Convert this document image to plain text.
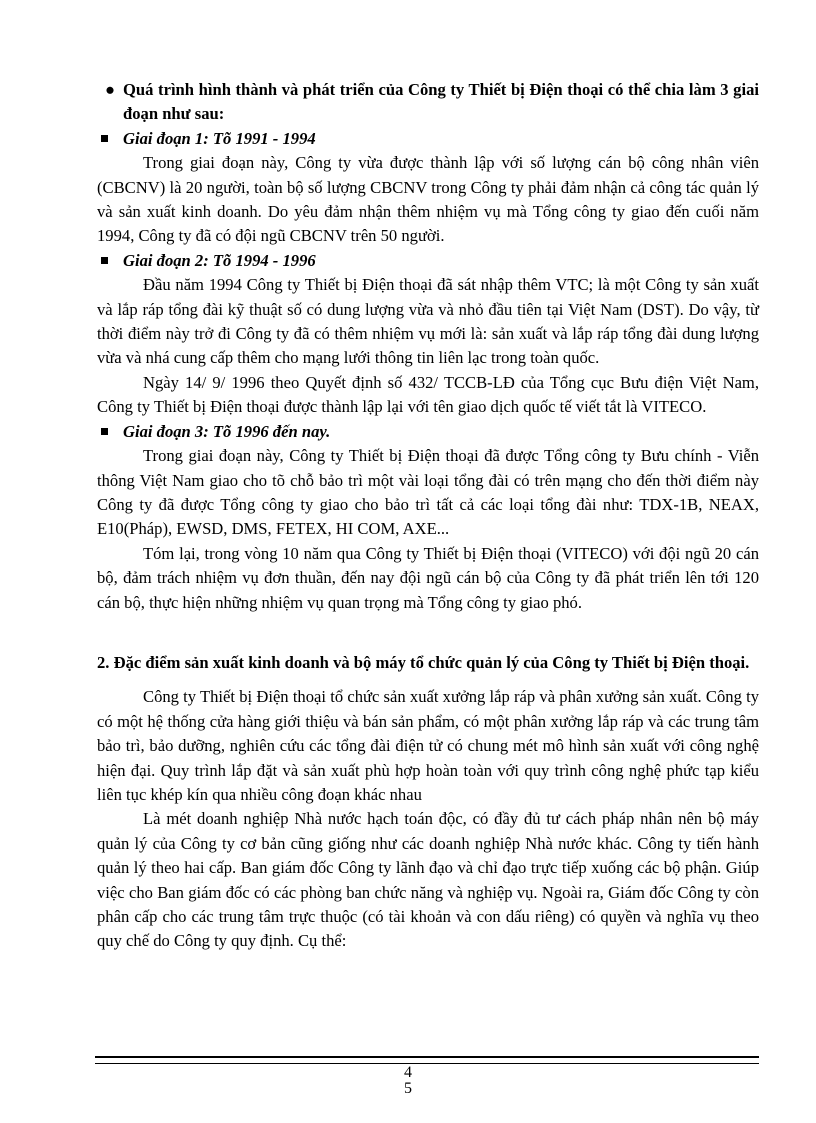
● Quá trình hình thành và phát triển của Công ty Thiết bị Điện thoại có thể chia làm 3 giai đoạn như sau:

Giai đoạn 1: Tõ 1991 - 1994

Trong giai đoạn này, Công ty vừa được thành lập với số lượng cán bộ công nhân viên (CBCNV) là 20 người, toàn bộ số lượng CBCNV trong Công ty phải đảm nhận cả công tác quản lý và sản xuất kinh doanh. Do yêu đảm nhận thêm nhiệm vụ mà Tổng công ty giao đến cuối năm 1994, Công ty đã có đội ngũ CBCNV trên 50 người.

Giai đoạn 2: Tõ 1994 - 1996

Đầu năm 1994 Công ty Thiết bị Điện thoại đã sát nhập thêm VTC; là một Công ty sản xuất và lắp ráp tổng đài kỹ thuật số có dung lượng vừa và nhỏ đầu tiên tại Việt Nam (DST). Do vậy, từ thời điểm này trở đi Công ty đã có thêm nhiệm vụ mới là: sản xuất và lắp ráp tổng đài dung lượng vừa và nhá cung cấp thêm cho mạng lưới thông tin liên lạc trong toàn quốc.

Ngày 14/ 9/ 1996 theo Quyết định số 432/ TCCB-LĐ của Tổng cục Bưu điện Việt Nam, Công ty Thiết bị Điện thoại được thành lập lại với tên giao dịch quốc tế viết tắt là VITECO.

Giai đoạn 3: Tõ 1996 đến nay.

Trong giai đoạn này, Công ty Thiết bị Điện thoại đã được Tổng công ty Bưu chính - Viễn thông Việt Nam giao cho tõ chỗ bảo trì một vài loại tổng đài có trên mạng cho đến thời điểm này Công ty đã được Tổng công ty giao cho bảo trì tất cả các loại tổng đài như: TDX-1B, NEAX, E10(Pháp), EWSD, DMS, FETEX, HI COM, AXE...

Tóm lại, trong vòng 10 năm qua Công ty Thiết bị Điện thoại (VITECO) với đội ngũ 20 cán bộ, đảm trách nhiệm vụ đơn thuần, đến nay đội ngũ cán bộ của Công ty đã phát triển lên tới 120 cán bộ, thực hiện những nhiệm vụ quan trọng mà Tổng công ty giao phó.

2. Đặc điểm sản xuất kinh doanh và bộ máy tổ chức quản lý của Công ty Thiết bị Điện thoại.

Công ty Thiết bị Điện thoại tổ chức sản xuất xưởng lắp ráp và phân xưởng sản xuất. Công ty có một hệ thống cửa hàng giới thiệu và bán sản phẩm, có một phân xưởng lắp ráp và các trung tâm bảo trì, bảo dưỡng, nghiên cứu các tổng đài điện tử có chung mét mô hình sản xuất với công nghệ hiện đại. Quy trình lắp đặt và sản xuất phù hợp hoàn toàn với quy trình công nghệ phức tạp kiểu liên tục khép kín qua nhiều công đoạn khác nhau

Là mét doanh nghiệp Nhà nước hạch toán độc, có đầy đủ tư cách pháp nhân nên bộ máy quản lý của Công ty cơ bản cũng giống như các doanh nghiệp Nhà nước khác. Công ty tiến hành quản lý theo hai cấp. Ban giám đốc Công ty lãnh đạo và chỉ đạo trực tiếp xuống các bộ phận. Giúp việc cho Ban giám đốc có các phòng ban chức năng và nghiệp vụ. Ngoài ra, Giám đốc Công ty còn phân cấp cho các trung tâm trực thuộc (có tài khoản và con dấu riêng) có quyền và nghĩa vụ theo quy chế do Công ty quy định. Cụ thể:

4
5
